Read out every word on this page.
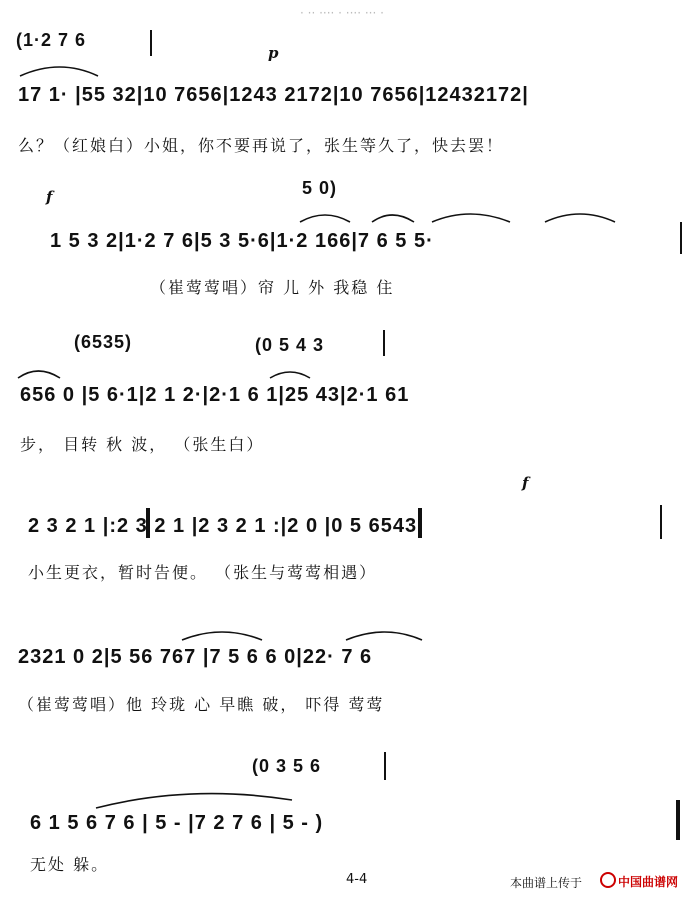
· ·· ···· · ···· ··· ·
(1·2 7 6
p
17 1· |55 32|10 7656|1243 2172|10 7656|12432172|
么？（红娘白）小姐，你不要再说了，张生等久了，快去罢！
5 0)
f
1 5 3 2|1·2 7 6|5 3 5·6|1·2 166|7 6 5 5·
（崔莺莺唱）帘 儿 外 我稳 住
(6535)	(0 5 4 3
656 0 |5 6·1|2 1 2·|2·1 6 1|25 43|2·1 61
步， 目转 秋 波， （张生白）
f
2 3 2 1 |:2 3 2 1 |2 3 2 1 :|2 0 |0 5 6543
小生更衣，暂时告便。 （张生与莺莺相遇）
2321 0 2|5 56 767 |7 5 6 6 0|22· 7 6
（崔莺莺唱）他 玲珑 心 早瞧 破， 吓得 莺莺
(0 3 5 6
6 1 5 6 7 6 | 5 - |7 2 7 6 | 5 - )
无处 躲。
4-4	本曲谱上传于	中国曲谱网
